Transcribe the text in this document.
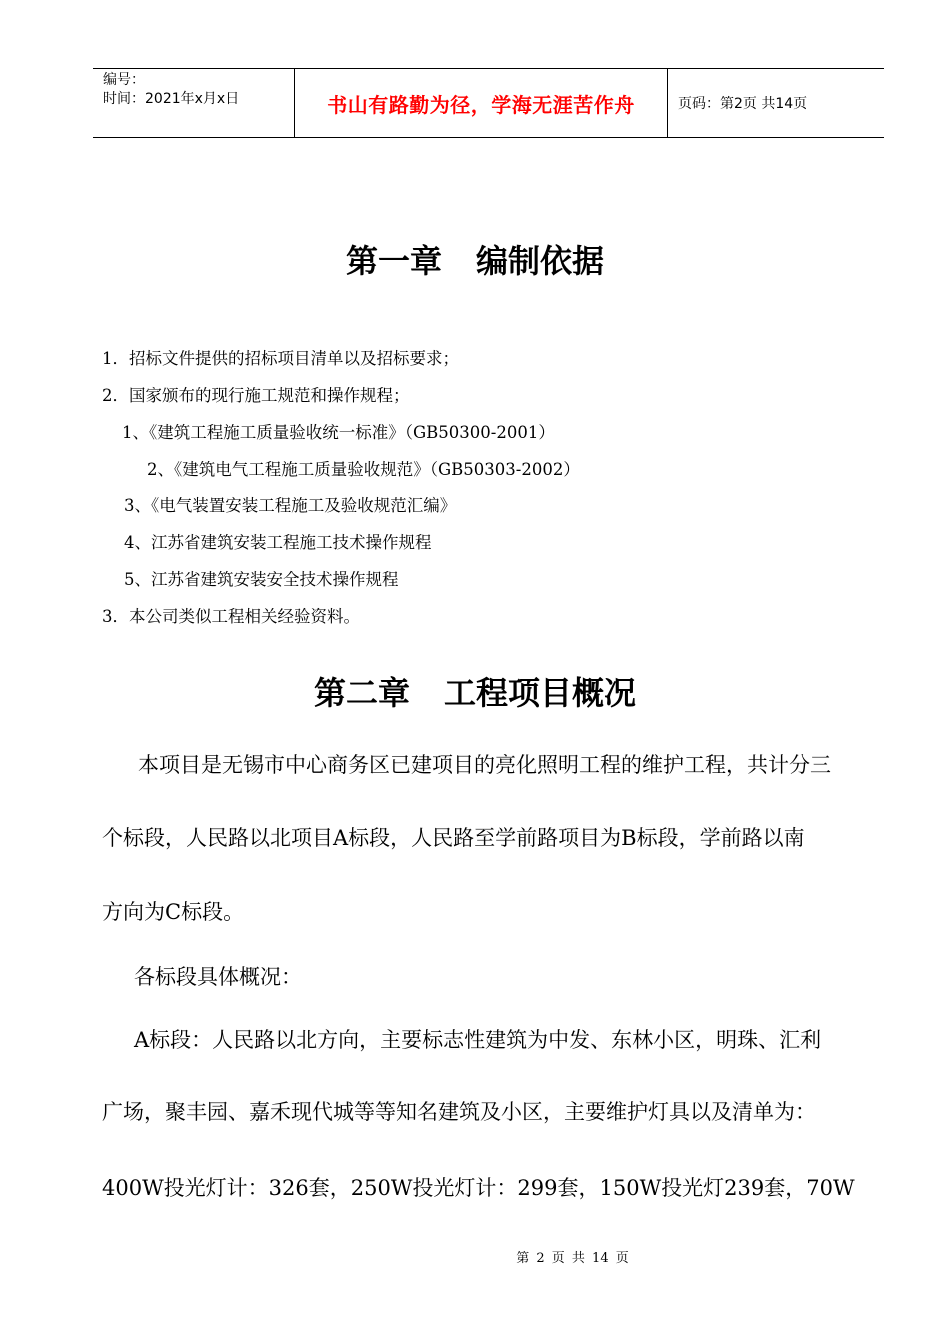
编号：
时间：2021年x月x日	书山有路勤为径，学海无涯苦作舟	页码：第2页 共14页
第一章 编制依据
1．招标文件提供的招标项目清单以及招标要求；
2．国家颁布的现行施工规范和操作规程；
1、《建筑工程施工质量验收统一标准》（GB50300-2001）
2、《建筑电气工程施工质量验收规范》（GB50303-2002）
3、《电气装置安装工程施工及验收规范汇编》
4、江苏省建筑安装工程施工技术操作规程
5、江苏省建筑安装安全技术操作规程
3．本公司类似工程相关经验资料。
第二章 工程项目概况
本项目是无锡市中心商务区已建项目的亮化照明工程的维护工程，共计分三
个标段，人民路以北项目A标段，人民路至学前路项目为B标段，学前路以南
方向为C标段。
各标段具体概况：
A标段：人民路以北方向，主要标志性建筑为中发、东林小区，明珠、汇利
广场，聚丰园、嘉禾现代城等等知名建筑及小区，主要维护灯具以及清单为：
400W投光灯计：326套，250W投光灯计：299套，150W投光灯239套，70W
第 2 页 共 14 页
